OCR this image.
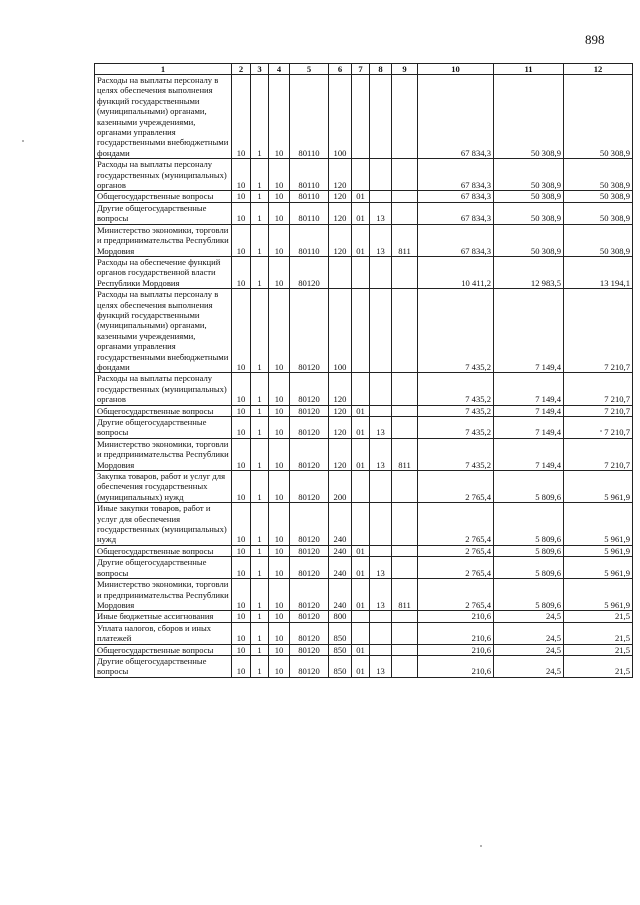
898
1	2	3	4	5	6	7	8	9	10	11	12
Расходы на выплаты персоналу в целях обеспечения выполнения функций государственными (муниципальными) органами, казенными учреждениями, органами управления государственными внебюджетными фондами	10	1	10	80110	100				67 834,3	50 308,9	50 308,9
Расходы на выплаты персоналу государственных (муниципальных) органов	10	1	10	80110	120				67 834,3	50 308,9	50 308,9
Общегосударственные вопросы	10	1	10	80110	120	01			67 834,3	50 308,9	50 308,9
Другие общегосударственные вопросы	10	1	10	80110	120	01	13		67 834,3	50 308,9	50 308,9
Министерство экономики, торговли и предпринимательства Республики Мордовия	10	1	10	80110	120	01	13	811	67 834,3	50 308,9	50 308,9
Расходы на обеспечение функций органов государственной власти Республики Мордовия	10	1	10	80120					10 411,2	12 983,5	13 194,1
Расходы на выплаты персоналу в целях обеспечения выполнения функций государственными (муниципальными) органами, казенными учреждениями, органами управления государственными внебюджетными фондами	10	1	10	80120	100				7 435,2	7 149,4	7 210,7
Расходы на выплаты персоналу государственных (муниципальных) органов	10	1	10	80120	120				7 435,2	7 149,4	7 210,7
Общегосударственные вопросы	10	1	10	80120	120	01			7 435,2	7 149,4	7 210,7
Другие общегосударственные вопросы	10	1	10	80120	120	01	13		7 435,2	7 149,4	7 210,7
Министерство экономики, торговли и предпринимательства Республики Мордовия	10	1	10	80120	120	01	13	811	7 435,2	7 149,4	7 210,7
Закупка товаров, работ и услуг для обеспечения государственных (муниципальных) нужд	10	1	10	80120	200				2 765,4	5 809,6	5 961,9
Иные закупки товаров, работ и услуг для обеспечения государственных (муниципальных) нужд	10	1	10	80120	240				2 765,4	5 809,6	5 961,9
Общегосударственные вопросы	10	1	10	80120	240	01			2 765,4	5 809,6	5 961,9
Другие общегосударственные вопросы	10	1	10	80120	240	01	13		2 765,4	5 809,6	5 961,9
Министерство экономики, торговли и предпринимательства Республики Мордовия	10	1	10	80120	240	01	13	811	2 765,4	5 809,6	5 961,9
Иные бюджетные ассигнования	10	1	10	80120	800				210,6	24,5	21,5
Уплата налогов, сборов и иных платежей	10	1	10	80120	850				210,6	24,5	21,5
Общегосударственные вопросы	10	1	10	80120	850	01			210,6	24,5	21,5
Другие общегосударственные вопросы	10	1	10	80120	850	01	13		210,6	24,5	21,5
